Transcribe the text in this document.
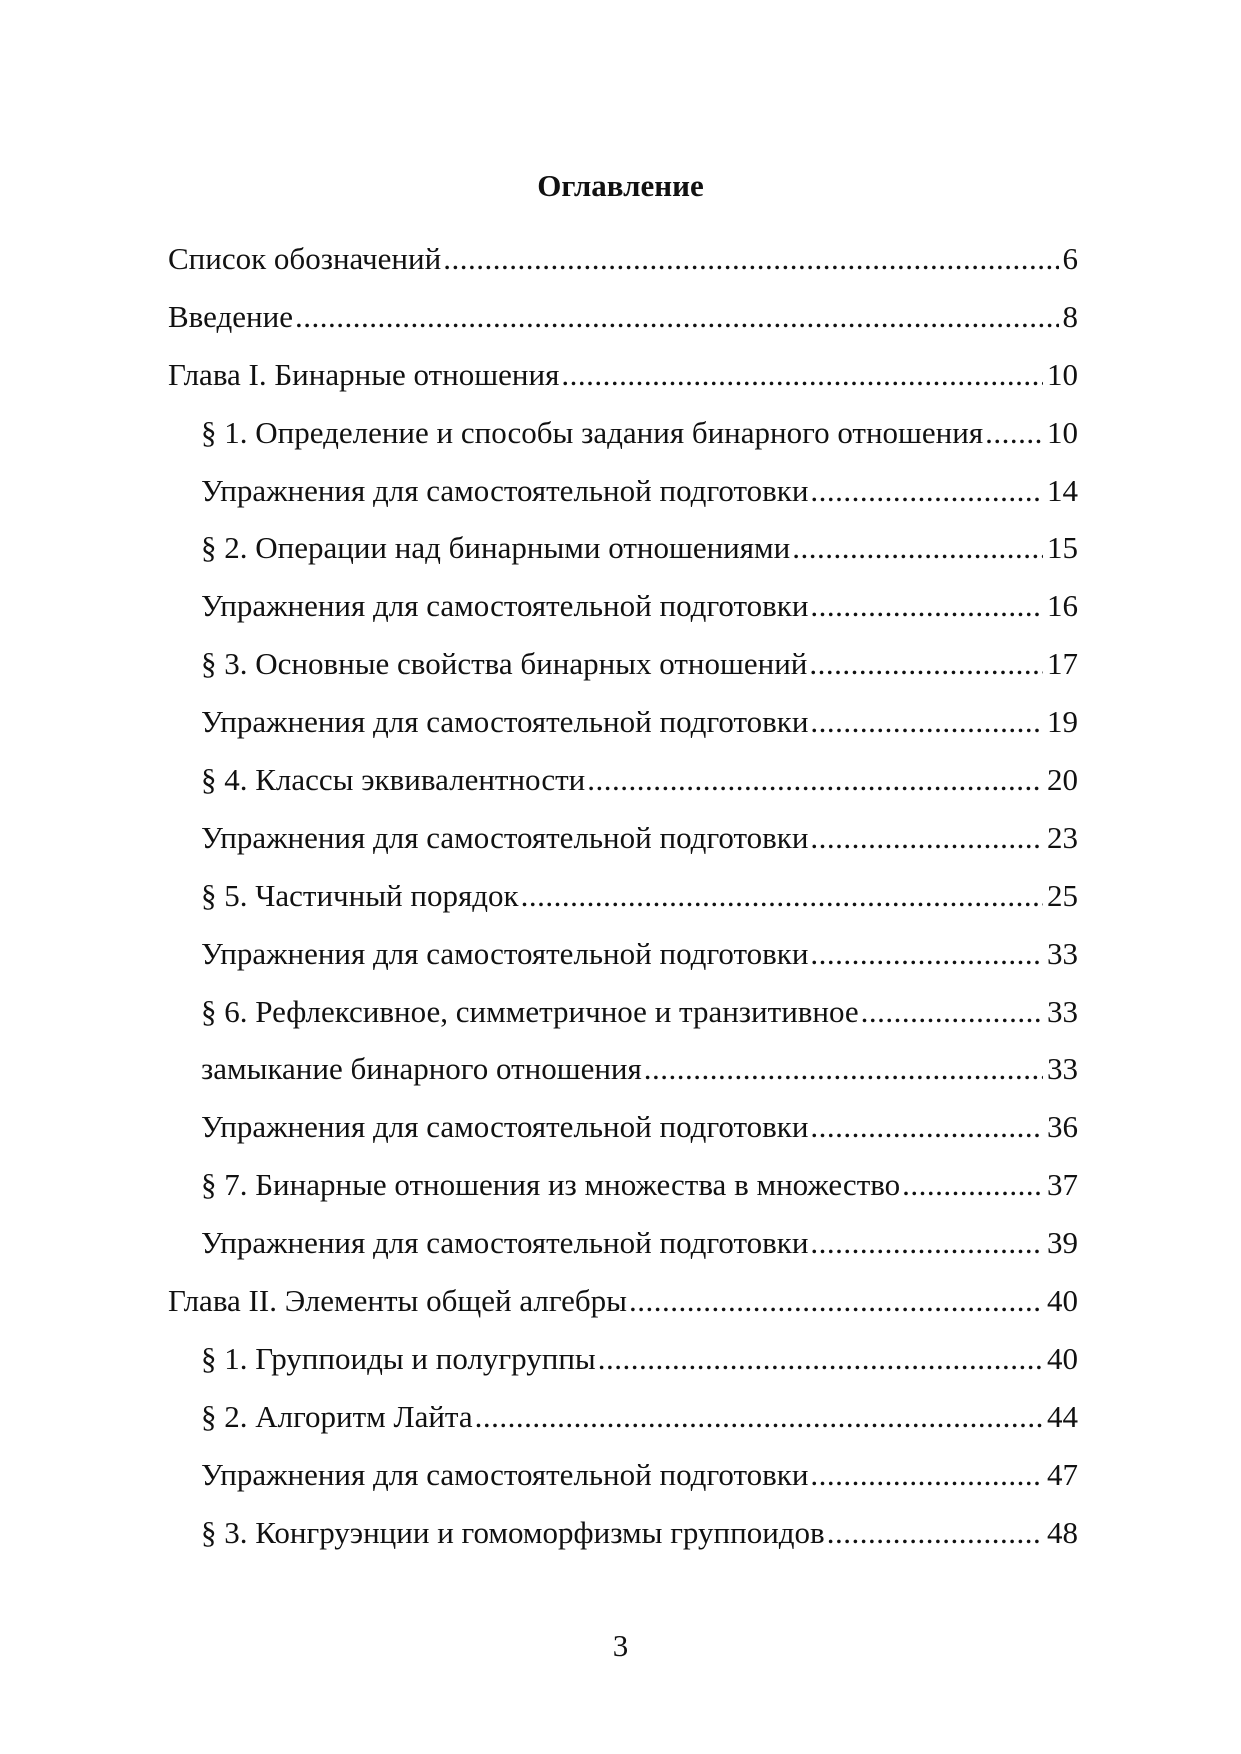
Оглавление
Список обозначений .....	6
Введение .....	8
Глава I. Бинарные отношения .....	10
§ 1. Определение и способы задания бинарного отношения ..... 10
Упражнения для самостоятельной подготовки .....	14
§ 2. Операции над бинарными отношениями .....	15
Упражнения для самостоятельной подготовки .....	16
§ 3. Основные свойства бинарных отношений .....	17
Упражнения для самостоятельной подготовки .....	19
§ 4. Классы эквивалентности .....	20
Упражнения для самостоятельной подготовки .....	23
§ 5. Частичный порядок .....	25
Упражнения для самостоятельной подготовки .....	33
§ 6. Рефлексивное, симметричное и транзитивное .....	33
замыкание бинарного отношения .....	33
Упражнения для самостоятельной подготовки .....	36
§ 7. Бинарные отношения из множества в множество .....	37
Упражнения для самостоятельной подготовки .....	39
Глава II. Элементы общей алгебры .....	40
§ 1. Группоиды и полугруппы .....	40
§ 2. Алгоритм Лайта .....	44
Упражнения для самостоятельной подготовки .....	47
§ 3. Конгруэнции и гомоморфизмы группоидов .....	48
3
